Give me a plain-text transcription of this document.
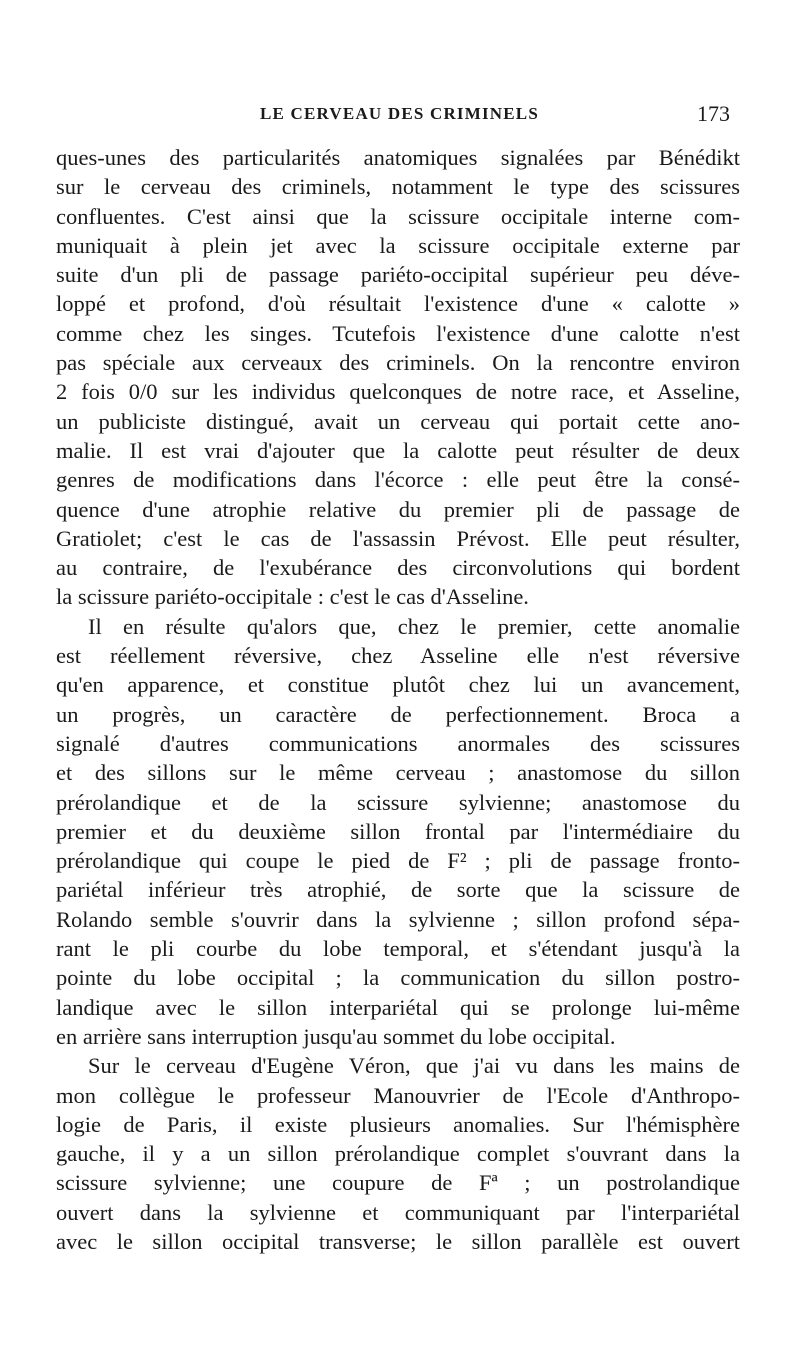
LE CERVEAU DES CRIMINELS	173
ques-unes des particularités anatomiques signalées par Bénédikt
sur le cerveau des criminels, notamment le type des scissures
confluentes. C'est ainsi que la scissure occipitale interne com-
muniquait à plein jet avec la scissure occipitale externe par
suite d'un pli de passage pariéto-occipital supérieur peu déve-
loppé et profond, d'où résultait l'existence d'une « calotte »
comme chez les singes. Tcutefois l'existence d'une calotte n'est
pas spéciale aux cerveaux des criminels. On la rencontre environ
2 fois 0/0 sur les individus quelconques de notre race, et Asseline,
un publiciste distingué, avait un cerveau qui portait cette ano-
malie. Il est vrai d'ajouter que la calotte peut résulter de deux
genres de modifications dans l'écorce : elle peut être la consé-
quence d'une atrophie relative du premier pli de passage de
Gratiolet; c'est le cas de l'assassin Prévost. Elle peut résulter,
au contraire, de l'exubérance des circonvolutions qui bordent
la scissure pariéto-occipitale : c'est le cas d'Asseline.
Il en résulte qu'alors que, chez le premier, cette anomalie
est réellement réversive, chez Asseline elle n'est réversive
qu'en apparence, et constitue plutôt chez lui un avancement,
un progrès, un caractère de perfectionnement. Broca a
signalé d'autres communications anormales des scissures
et des sillons sur le même cerveau ; anastomose du sillon
prérolandique et de la scissure sylvienne; anastomose du
premier et du deuxième sillon frontal par l'intermédiaire du
prérolandique qui coupe le pied de F² ; pli de passage fronto-
pariétal inférieur très atrophié, de sorte que la scissure de
Rolando semble s'ouvrir dans la sylvienne ; sillon profond sépa-
rant le pli courbe du lobe temporal, et s'étendant jusqu'à la
pointe du lobe occipital ; la communication du sillon postro-
landique avec le sillon interpariétal qui se prolonge lui-même
en arrière sans interruption jusqu'au sommet du lobe occipital.
Sur le cerveau d'Eugène Véron, que j'ai vu dans les mains de
mon collègue le professeur Manouvrier de l'Ecole d'Anthropo-
logie de Paris, il existe plusieurs anomalies. Sur l'hémisphère
gauche, il y a un sillon prérolandique complet s'ouvrant dans la
scissure sylvienne; une coupure de Fª ; un postrolandique
ouvert dans la sylvienne et communiquant par l'interpariétal
avec le sillon occipital transverse; le sillon parallèle est ouvert
